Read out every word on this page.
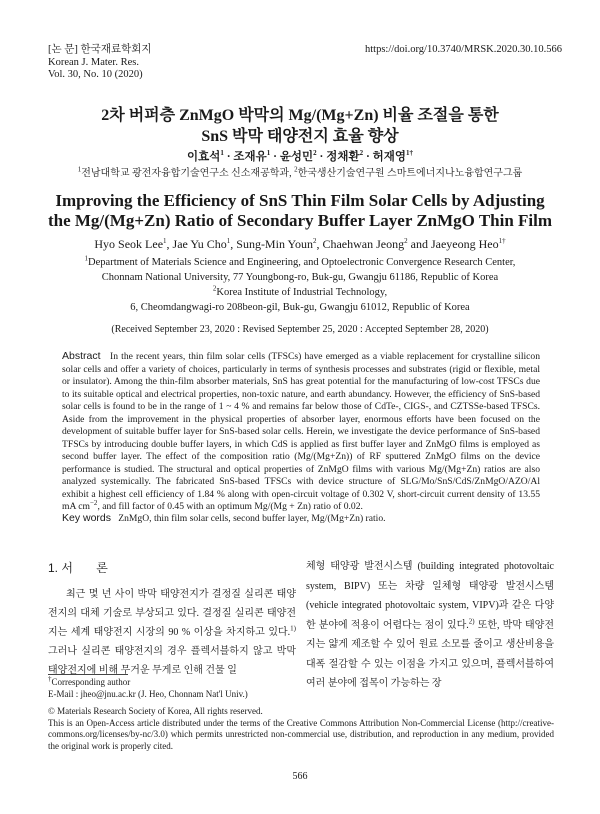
[논 문] 한국재료학회지
Korean J. Mater. Res.
Vol. 30, No. 10 (2020)
https://doi.org/10.3740/MRSK.2020.30.10.566
2차 버퍼층 ZnMgO 박막의 Mg/(Mg+Zn) 비율 조절을 통한
SnS 박막 태양전지 효율 향상
이효석$^1$ · 조재유$^1$ · 윤성민$^2$ · 정채환$^2$ · 허재영$^{1\dagger}$
$^1$전남대학교 광전자융합기술연구소 신소재공학과, $^2$한국생산기술연구원 스마트에너지나노융합연구그룹
Improving the Efficiency of SnS Thin Film Solar Cells by Adjusting
the Mg/(Mg+Zn) Ratio of Secondary Buffer Layer ZnMgO Thin Film
Hyo Seok Lee$^1$, Jae Yu Cho$^1$, Sung-Min Youn$^2$, Chaehwan Jeong$^2$ and Jaeyeong Heo$^{1\dagger}$
$^1$Department of Materials Science and Engineering, and Optoelectronic Convergence Research Center,
Chonnam National University, 77 Youngbong-ro, Buk-gu, Gwangju 61186, Republic of Korea
$^2$Korea Institute of Industrial Technology,
6, Cheomdangwagi-ro 208beon-gil, Buk-gu, Gwangju 61012, Republic of Korea
(Received September 23, 2020 : Revised September 25, 2020 : Accepted September 28, 2020)
Abstract In the recent years, thin film solar cells (TFSCs) have emerged as a viable replacement for crystalline silicon solar cells and offer a variety of choices, particularly in terms of synthesis processes and substrates (rigid or flexible, metal or insulator). Among the thin-film absorber materials, SnS has great potential for the manufacturing of low-cost TFSCs due to its suitable optical and electrical properties, non-toxic nature, and earth abundancy. However, the efficiency of SnS-based solar cells is found to be in the range of 1 ~ 4 % and remains far below those of CdTe-, CIGS-, and CZTSSe-based TFSCs. Aside from the improvement in the physical properties of absorber layer, enormous efforts have been focused on the development of suitable buffer layer for SnS-based solar cells. Herein, we investigate the device performance of SnS-based TFSCs by introducing double buffer layers, in which CdS is applied as first buffer layer and ZnMgO films is employed as second buffer layer. The effect of the composition ratio (Mg/(Mg+Zn)) of RF sputtered ZnMgO films on the device performance is studied. The structural and optical properties of ZnMgO films with various Mg/(Mg+Zn) ratios are also analyzed systemically. The fabricated SnS-based TFSCs with device structure of SLG/Mo/SnS/CdS/ZnMgO/AZO/Al exhibit a highest cell efficiency of 1.84 % along with open-circuit voltage of 0.302 V, short-circuit current density of 13.55 mA $cm^{-2}$, and fill factor of 0.45 with an optimum Mg/(Mg + Zn) ratio of 0.02.
Key words ZnMgO, thin film solar cells, second buffer layer, Mg/(Mg+Zn) ratio.
1. 서 론
최근 몇 년 사이 박막 태양전지가 결정질 실리콘 태양전지의 대체 기술로 부상되고 있다. 결정질 실리콘 태양전지는 세계 태양전지 시장의 90 % 이상을 차지하고 있다.$^{1)}$ 그러나 실리콘 태양전지의 경우 플렉서블하지 않고 박막 태양전지에 비해 무거운 무게로 인해 건물 일
체형 태양광 발전시스템 (building integrated photovoltaic system, BIPV) 또는 차량 일체형 태양광 발전시스템 (vehicle integrated photovoltaic system, VIPV)과 같은 다양한 분야에 적용이 어렵다는 점이 있다.$^{2)}$ 또한, 박막 태양전지는 얇게 제조할 수 있어 원료 소모를 줄이고 생산비용을 대폭 절감할 수 있는 이점을 가지고 있으며, 플렉서블하여 여러 분야에 접목이 가능하는 장
†Corresponding author
E-Mail : jheo@jnu.ac.kr (J. Heo, Chonnam Nat'l Univ.)
© Materials Research Society of Korea, All rights reserved.
This is an Open-Access article distributed under the terms of the Creative Commons Attribution Non-Commercial License (http://creative-commons.org/licenses/by-nc/3.0) which permits unrestricted non-commercial use, distribution, and reproduction in any medium, provided the original work is properly cited.
566
